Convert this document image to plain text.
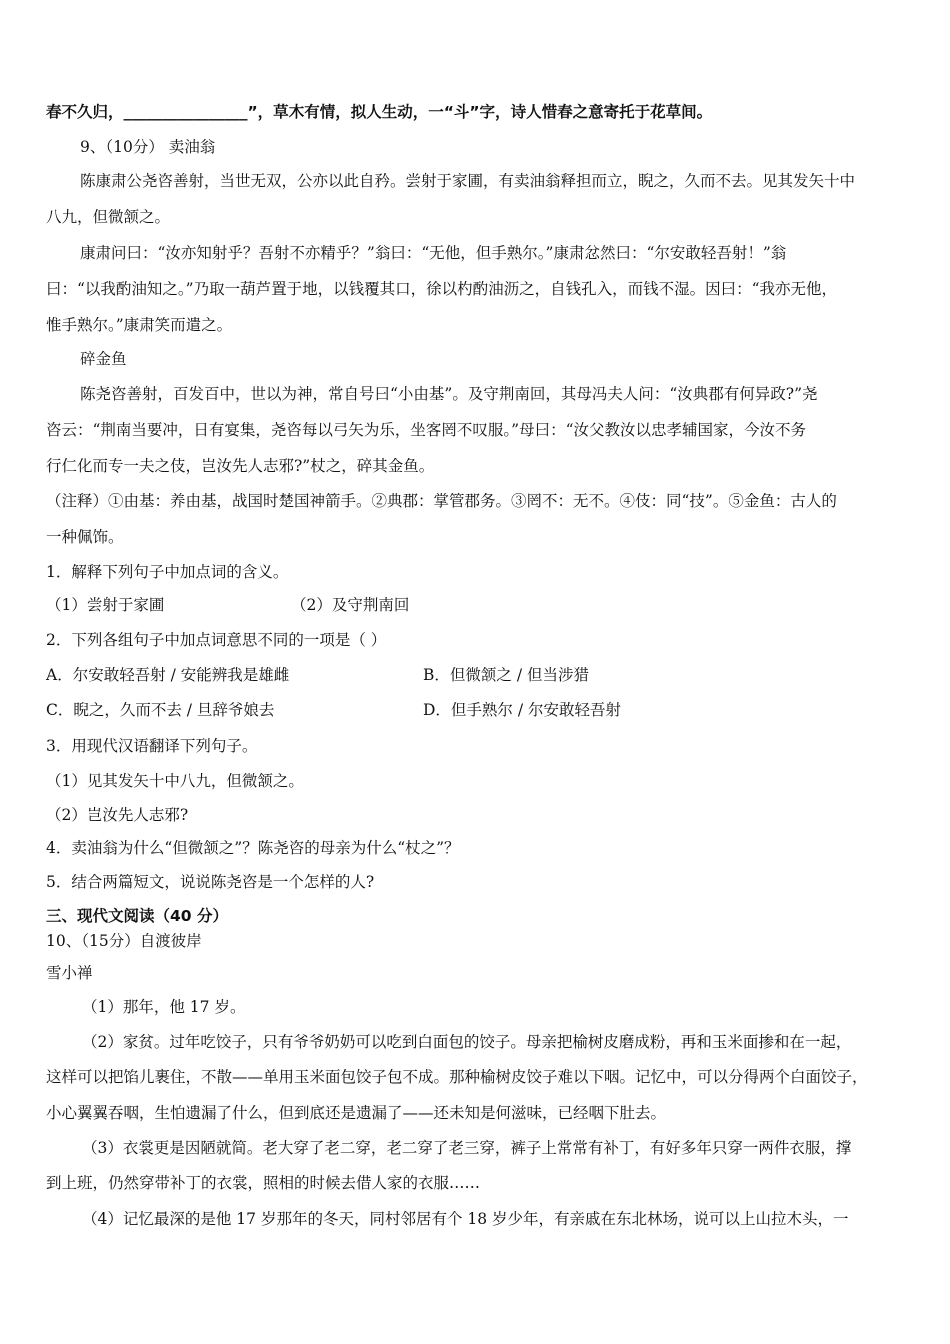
春不久归，________________”，草木有情，拟人生动，一“斗”字，诗人惜春之意寄托于花草间。
9、（10分） 卖油翁
陈康肃公尧咨善射，当世无双，公亦以此自矜。尝射于家圃，有卖油翁释担而立，睨之，久而不去。见其发矢十中
八九，但微颔之。
康肃问曰：“汝亦知射乎？吾射不亦精乎？”翁曰：“无他，但手熟尔。”康肃忿然曰：“尔安敢轻吾射！”翁
曰：“以我酌油知之。”乃取一葫芦置于地，以钱覆其口，徐以杓酌油沥之，自钱孔入，而钱不湿。因曰：“我亦无他，
惟手熟尔。”康肃笑而遣之。
碎金鱼
陈尧咨善射，百发百中，世以为神，常自号曰“小由基”。及守荆南回，其母冯夫人问：“汝典郡有何异政?”尧
咨云：“荆南当要冲，日有宴集，尧咨每以弓矢为乐，坐客罔不叹服。”母曰：“汝父教汝以忠孝辅国家，今汝不务
行仁化而专一夫之伎，岂汝先人志邪?”杖之，碎其金鱼。
（注释）①由基：养由基，战国时楚国神箭手。②典郡：掌管郡务。③罔不：无不。④伎：同“技”。⑤金鱼：古人的
一种佩饰。
1．解释下列句子中加点词的含义。
（1）尝射于家圃	（2）及守荆南回
2．下列各组句子中加点词意思不同的一项是（ ）
A．尔安敢轻吾射 / 安能辨我是雄雌	B．但微颔之 / 但当涉猎
C．睨之，久而不去 / 旦辞爷娘去	D．但手熟尔 / 尔安敢轻吾射
3．用现代汉语翻译下列句子。
（1）见其发矢十中八九，但微颔之。
（2）岂汝先人志邪?
4．卖油翁为什么“但微颔之”？陈尧咨的母亲为什么“杖之”？
5．结合两篇短文，说说陈尧咨是一个怎样的人?
三、现代文阅读（40 分）
10、（15分）自渡彼岸
雪小禅
（1）那年，他 17 岁。
（2）家贫。过年吃饺子，只有爷爷奶奶可以吃到白面包的饺子。母亲把榆树皮磨成粉，再和玉米面掺和在一起，
这样可以把馅儿裹住，不散——单用玉米面包饺子包不成。那种榆树皮饺子难以下咽。记忆中，可以分得两个白面饺子，
小心翼翼吞咽，生怕遗漏了什么，但到底还是遗漏了——还未知是何滋味，已经咽下肚去。
（3）衣裳更是因陋就简。老大穿了老二穿，老二穿了老三穿，裤子上常常有补丁，有好多年只穿一两件衣服，撑
到上班，仍然穿带补丁的衣裳，照相的时候去借人家的衣服……
（4）记忆最深的是他 17 岁那年的冬天，同村邻居有个 18 岁少年，有亲戚在东北林场，说可以上山拉木头，一
